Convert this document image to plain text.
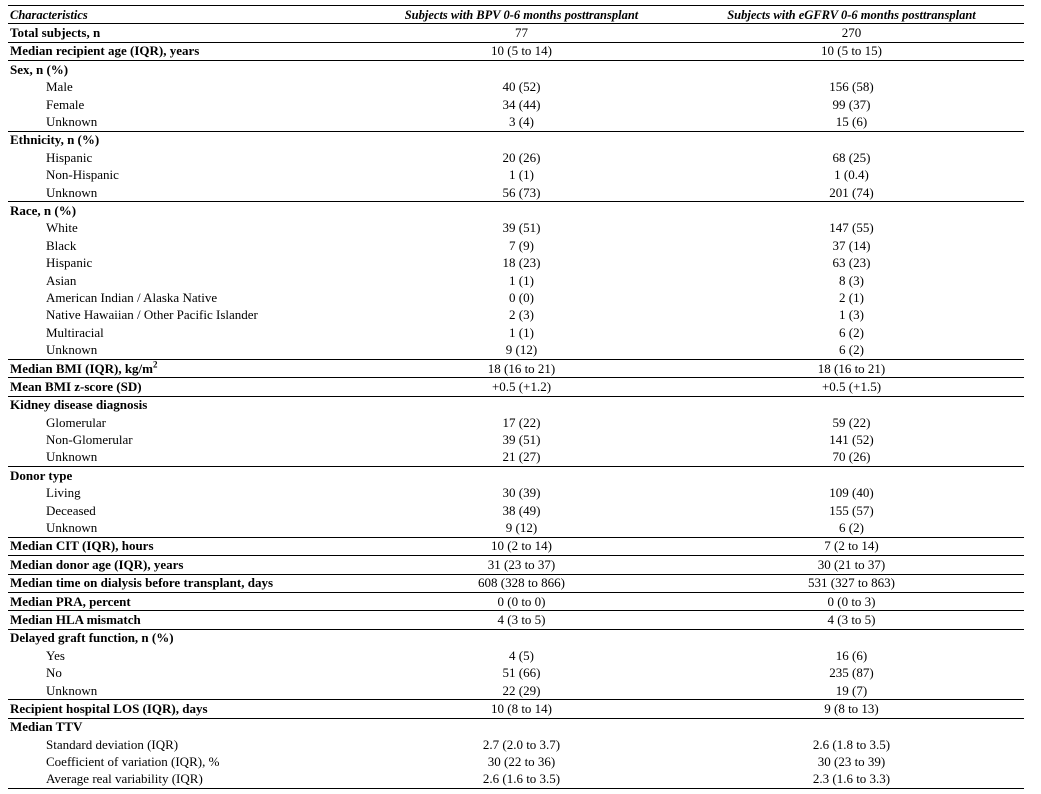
Characteristics	Subjects with BPV 0-6 months posttransplant	Subjects with eGFRV 0-6 months posttransplant
Total subjects, n	77	270
Median recipient age (IQR), years	10 (5 to 14)	10 (5 to 15)
Sex, n (%)		
Male	40 (52)	156 (58)
Female	34 (44)	99 (37)
Unknown	3 (4)	15 (6)
Ethnicity, n (%)		
Hispanic	20 (26)	68 (25)
Non-Hispanic	1 (1)	1 (0.4)
Unknown	56 (73)	201 (74)
Race, n (%)		
White	39 (51)	147 (55)
Black	7 (9)	37 (14)
Hispanic	18 (23)	63 (23)
Asian	1 (1)	8 (3)
American Indian / Alaska Native	0 (0)	2 (1)
Native Hawaiian / Other Pacific Islander	2 (3)	1 (3)
Multiracial	1 (1)	6 (2)
Unknown	9 (12)	6 (2)
Median BMI (IQR), $kg/m^2$	18 (16 to 21)	18 (16 to 21)
Mean BMI z-score (SD)	+0.5 (+1.2)	+0.5 (+1.5)
Kidney disease diagnosis		
Glomerular	17 (22)	59 (22)
Non-Glomerular	39 (51)	141 (52)
Unknown	21 (27)	70 (26)
Donor type		
Living	30 (39)	109 (40)
Deceased	38 (49)	155 (57)
Unknown	9 (12)	6 (2)
Median CIT (IQR), hours	10 (2 to 14)	7 (2 to 14)
Median donor age (IQR), years	31 (23 to 37)	30 (21 to 37)
Median time on dialysis before transplant, days	608 (328 to 866)	531 (327 to 863)
Median PRA, percent	0 (0 to 0)	0 (0 to 3)
Median HLA mismatch	4 (3 to 5)	4 (3 to 5)
Delayed graft function, n (%)		
Yes	4 (5)	16 (6)
No	51 (66)	235 (87)
Unknown	22 (29)	19 (7)
Recipient hospital LOS (IQR), days	10 (8 to 14)	9 (8 to 13)
Median TTV		
Standard deviation (IQR)	2.7 (2.0 to 3.7)	2.6 (1.8 to 3.5)
Coefficient of variation (IQR), %	30 (22 to 36)	30 (23 to 39)
Average real variability (IQR)	2.6 (1.6 to 3.5)	2.3 (1.6 to 3.3)
